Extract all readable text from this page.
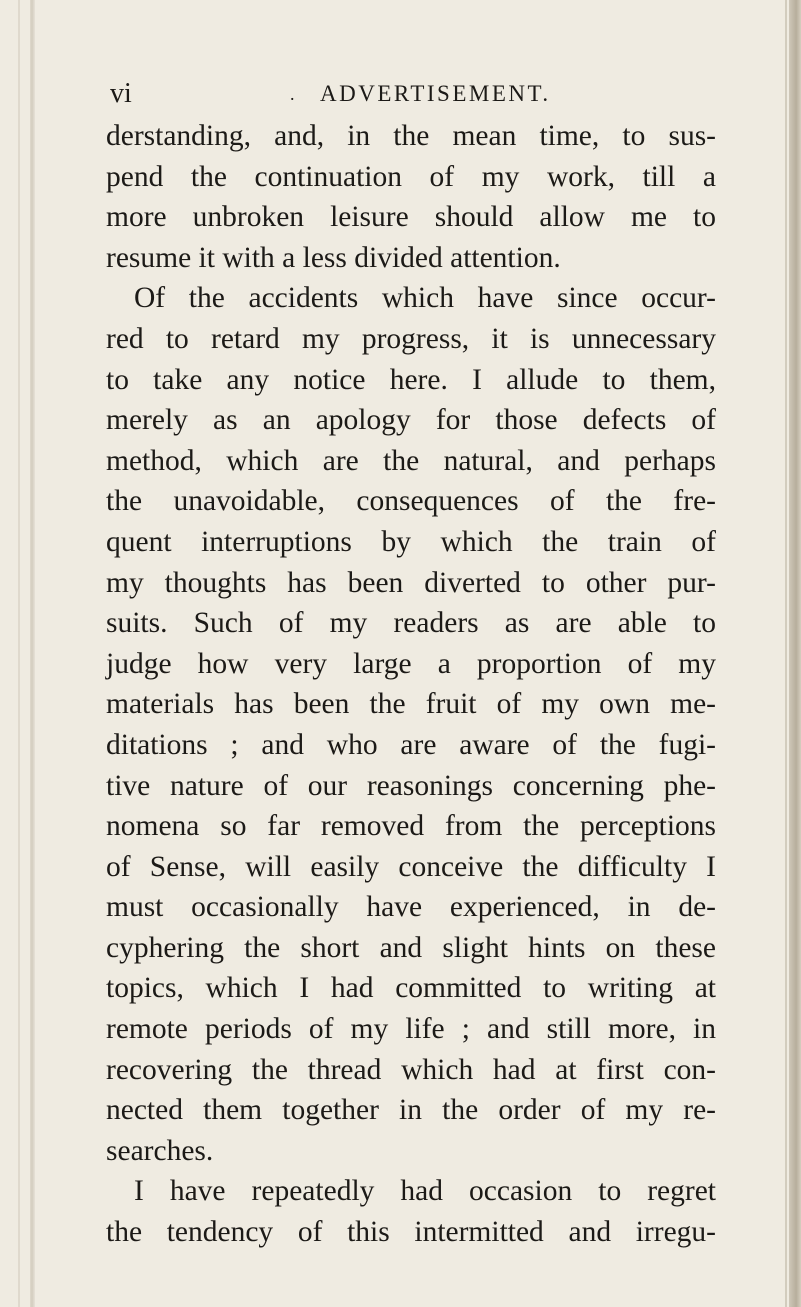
vi	. ADVERTISEMENT.
derstanding, and, in the mean time, to sus-
pend the continuation of my work, till a
more unbroken leisure should allow me to
resume it with a less divided attention.
Of the accidents which have since occur-
red to retard my progress, it is unnecessary
to take any notice here. I allude to them,
merely as an apology for those defects of
method, which are the natural, and perhaps
the unavoidable, consequences of the fre-
quent interruptions by which the train of
my thoughts has been diverted to other pur-
suits. Such of my readers as are able to
judge how very large a proportion of my
materials has been the fruit of my own me-
ditations ; and who are aware of the fugi-
tive nature of our reasonings concerning phe-
nomena so far removed from the perceptions
of Sense, will easily conceive the difficulty I
must occasionally have experienced, in de-
cyphering the short and slight hints on these
topics, which I had committed to writing at
remote periods of my life ; and still more, in
recovering the thread which had at first con-
nected them together in the order of my re-
searches.
I have repeatedly had occasion to regret
the tendency of this intermitted and irregu-
